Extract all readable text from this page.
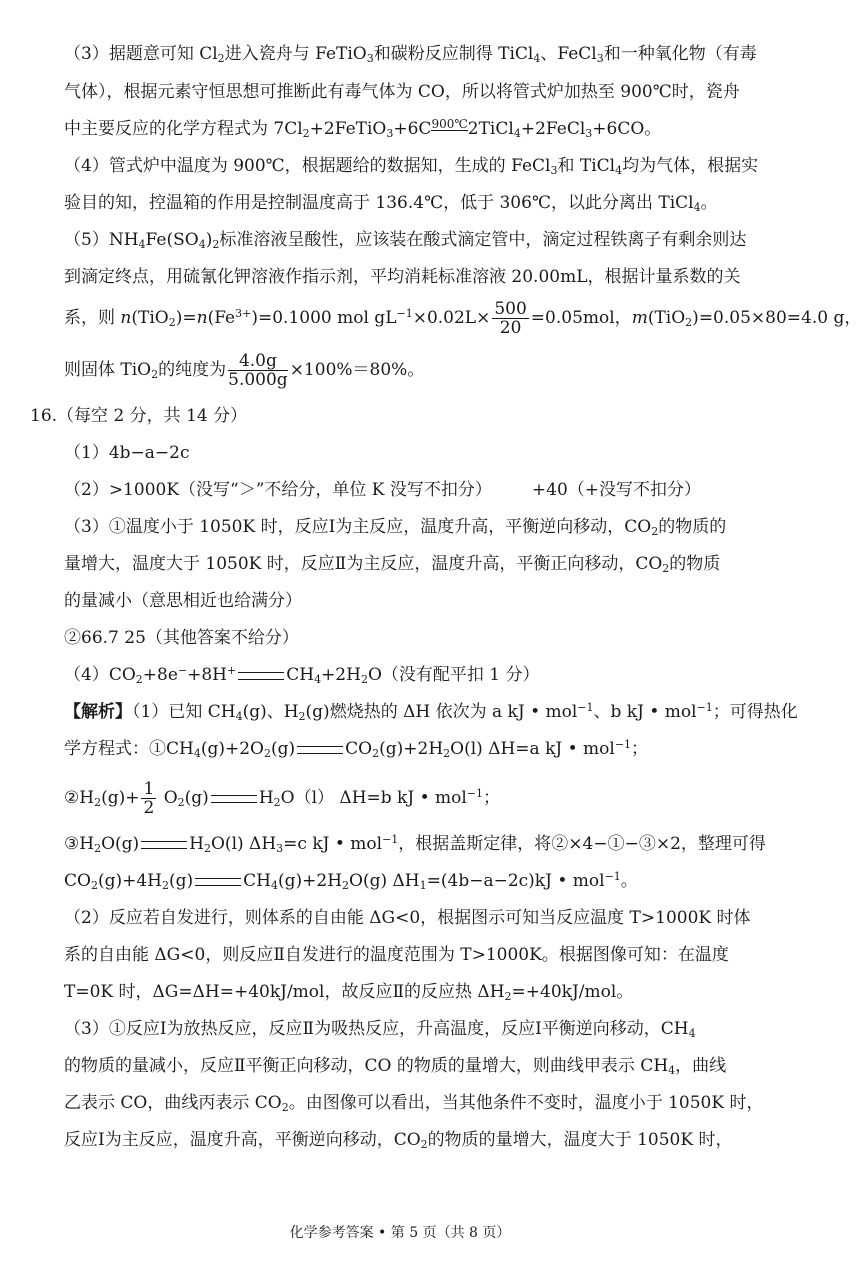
（3）据题意可知 $Cl_2$进入瓷舟与 FeTiO$_3$和碳粉反应制得 TiCl$_4$、FeCl$_3$和一种氧化物（有毒
气体），根据元素守恒思想可推断此有毒气体为 CO，所以将管式炉加热至 900℃时，瓷舟
中主要反应的化学方程式为 $7Cl_2+2FeTiO_3+6C$ 900℃ 2TiCl$_4$+2FeCl$_3$+6CO。
（4）管式炉中温度为 900℃，根据题给的数据知，生成的 FeCl$_3$和 TiCl$_4$均为气体，根据实
验目的知，控温箱的作用是控制温度高于 136.4℃，低于 306℃，以此分离出 TiCl$_4$。
$(5)NH_4Fe(SO_4)_2$标准溶液呈酸性，应该装在酸式滴定管中，滴定过程铁离子有剩余则达
到滴定终点，用硫氰化钾溶液作指示剂，平均消耗标准溶液 20.00mL，根据计量系数的关
系，则 $n(TiO_2)=n(Fe^{3+})=0.1000$ mol $gL^{-1}\times 0.02L\times \frac{500}{20} =0.05mol$，m(TiO$_2$)=0.05×80=4.0 g，
则固体 TiO$_2$的纯度为 $\frac{4.0g}{5.000g} \times 100\%=80\%$。
16.（每空 2 分，共 14 分）
（1）4b−a−2c
（2）>1000K（没写“＞”不给分，单位 K 没写不扣分） +40（+没写不扣分）
（3）①温度小于 1050K 时，反应Ⅰ为主反应，温度升高，平衡逆向移动，$CO_2$的物质的
量增大，温度大于 1050K 时，反应Ⅱ为主反应，温度升高，平衡正向移动，$CO_2$的物质
的量减小（意思相近也给满分）
②66.7 25（其他答案不给分）
$(4)CO_2+8e^-+8H^+$	$CH_4+2H_2O$（没有配平扣 1 分）
【解析】（1）已知 $CH_4(g)$、$H_2(g)$燃烧热的 ΔH 依次为 a kJ • mol$^{-1}$、b kJ • mol$^{-1}$；可得热化
学方程式：$①CH_4(g)+2O_2(g)$	$CO_2(g)+2H_2O(l)$ ΔH=a kJ • mol$^{-1}$；
$②H_2(g)+ \frac{1}{2} O_2(g)$	$H_2O(l)$ ΔH=b kJ • mol$^{-1}$；
$③H_2O(g)$	$H_2O(l)$ $\Delta H_3=c$ kJ • mol$^{-1}$，根据盖斯定律，将②×4−①−③×2，整理可得
$CO_2(g)+4H_2(g)$	$CH_4(g)+2H_2O(g)$ $\Delta H_1=(4b-a-2c)kJ$ • mol$^{-1}$。
（2）反应若自发进行，则体系的自由能 ΔG<0，根据图示可知当反应温度 T>1000K 时体
系的自由能 ΔG<0，则反应Ⅱ自发进行的温度范围为 T>1000K。根据图像可知：在温度
T=0K 时，ΔG=ΔH=+40kJ/mol，故反应Ⅱ的反应热 $\Delta H_2=+40kJ$/mol。
（3）①反应Ⅰ为放热反应，反应Ⅱ为吸热反应，升高温度，反应Ⅰ平衡逆向移动，$CH_4$
的物质的量减小，反应Ⅱ平衡正向移动，CO 的物质的量增大，则曲线甲表示 $CH_4$，曲线
乙表示 CO，曲线丙表示 $CO_2$。由图像可以看出，当其他条件不变时，温度小于 1050K 时，
反应Ⅰ为主反应，温度升高，平衡逆向移动，$CO_2$的物质的量增大，温度大于 1050K 时，
化学参考答案 • 第 5 页（共 8 页）
